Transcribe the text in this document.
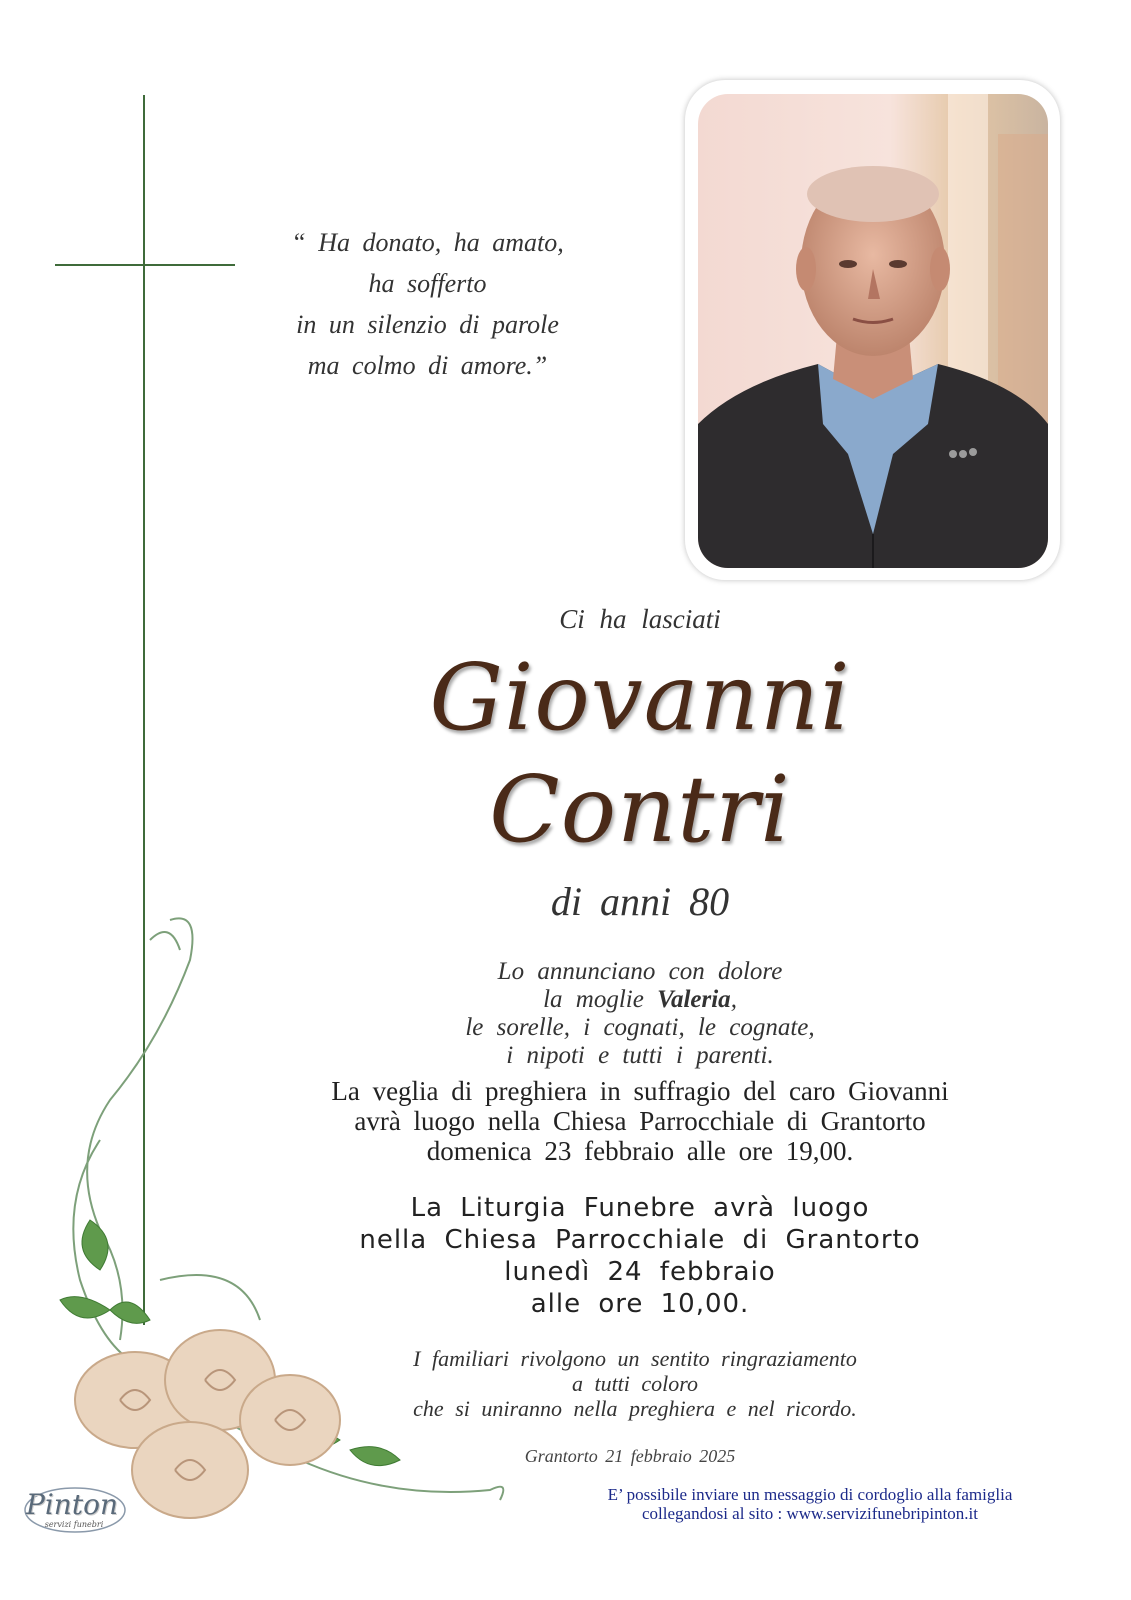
“ Ha donato, ha amato,
ha sofferto
in un silenzio di parole
ma colmo di amore.”
Ci ha lasciati
Giovanni
Contri
di anni 80
Lo annunciano con dolore
la moglie Valeria,
le sorelle, i cognati, le cognate,
i nipoti e tutti i parenti.
La veglia di preghiera in suffragio del caro Giovanni
avrà luogo nella Chiesa Parrocchiale di Grantorto
domenica 23 febbraio alle ore 19,00.
La Liturgia Funebre avrà luogo
nella Chiesa Parrocchiale di Grantorto
lunedì 24 febbraio
alle ore 10,00.
I familiari rivolgono un sentito ringraziamento
a tutti coloro
che si uniranno nella preghiera e nel ricordo.
Grantorto 21 febbraio 2025
E’ possibile inviare un messaggio di cordoglio alla famiglia
collegandosi al sito : www.servizifunebripinton.it
Pinton
servizi funebri
